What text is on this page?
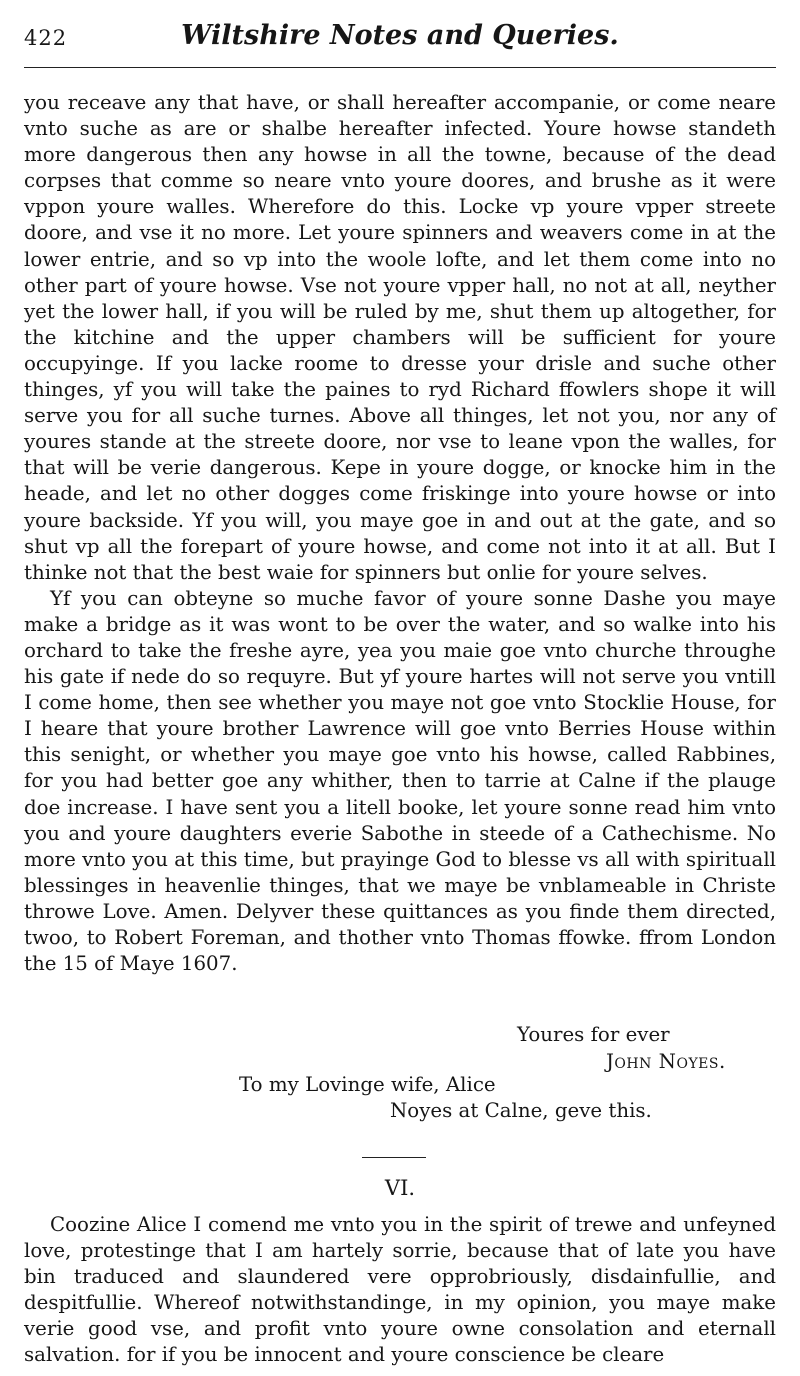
422	Wiltshire Notes and Queries.

you receave any that have, or shall hereafter accompanie, or come neare vnto suche as are or shalbe hereafter infected. Youre howse standeth more dangerous then any howse in all the towne, because of the dead corpses that comme so neare vnto youre doores, and brushe as it were vppon youre walles. Wherefore do this. Locke vp youre vpper streete doore, and vse it no more. Let youre spinners and weavers come in at the lower entrie, and so vp into the woole lofte, and let them come into no other part of youre howse. Vse not youre vpper hall, no not at all, neyther yet the lower hall, if you will be ruled by me, shut them up altogether, for the kitchine and the upper chambers will be sufficient for youre occupyinge. If you lacke roome to dresse your drisle and suche other thinges, yf you will take the paines to ryd Richard ffowlers shope it will serve you for all suche turnes. Above all thinges, let not you, nor any of youres stande at the streete doore, nor vse to leane vpon the walles, for that will be verie dangerous. Kepe in youre dogge, or knocke him in the heade, and let no other dogges come friskinge into youre howse or into youre backside. Yf you will, you maye goe in and out at the gate, and so shut vp all the forepart of youre howse, and come not into it at all. But I thinke not that the best waie for spinners but onlie for youre selves.

Yf you can obteyne so muche favor of youre sonne Dashe you maye make a bridge as it was wont to be over the water, and so walke into his orchard to take the freshe ayre, yea you maie goe vnto churche throughe his gate if nede do so requyre. But yf youre hartes will not serve you vntill I come home, then see whether you maye not goe vnto Stocklie House, for I heare that youre brother Lawrence will goe vnto Berries House within this senight, or whether you maye goe vnto his howse, called Rabbines, for you had better goe any whither, then to tarrie at Calne if the plauge doe increase. I have sent you a litell booke, let youre sonne read him vnto you and youre daughters everie Sabothe in steede of a Cathechisme. No more vnto you at this time, but prayinge God to blesse vs all with spirituall blessinges in heavenlie thinges, that we maye be vnblameable in Christe throwe Love. Amen. Delyver these quittances as you finde them directed, twoo, to Robert Foreman, and thother vnto Thomas ffowke. ffrom London the 15 of Maye 1607.

Youres for ever
John Noyes.
To my Lovinge wife, Alice
Noyes at Calne, geve this.
VI.

Coozine Alice I comend me vnto you in the spirit of trewe and unfeyned love, protestinge that I am hartely sorrie, because that of late you have bin traduced and slaundered vere opprobriously, disdainfullie, and despitfullie. Whereof notwithstandinge, in my opinion, you maye make verie good vse, and profit vnto youre owne consolation and eternall salvation. for if you be innocent and youre conscience be cleare
